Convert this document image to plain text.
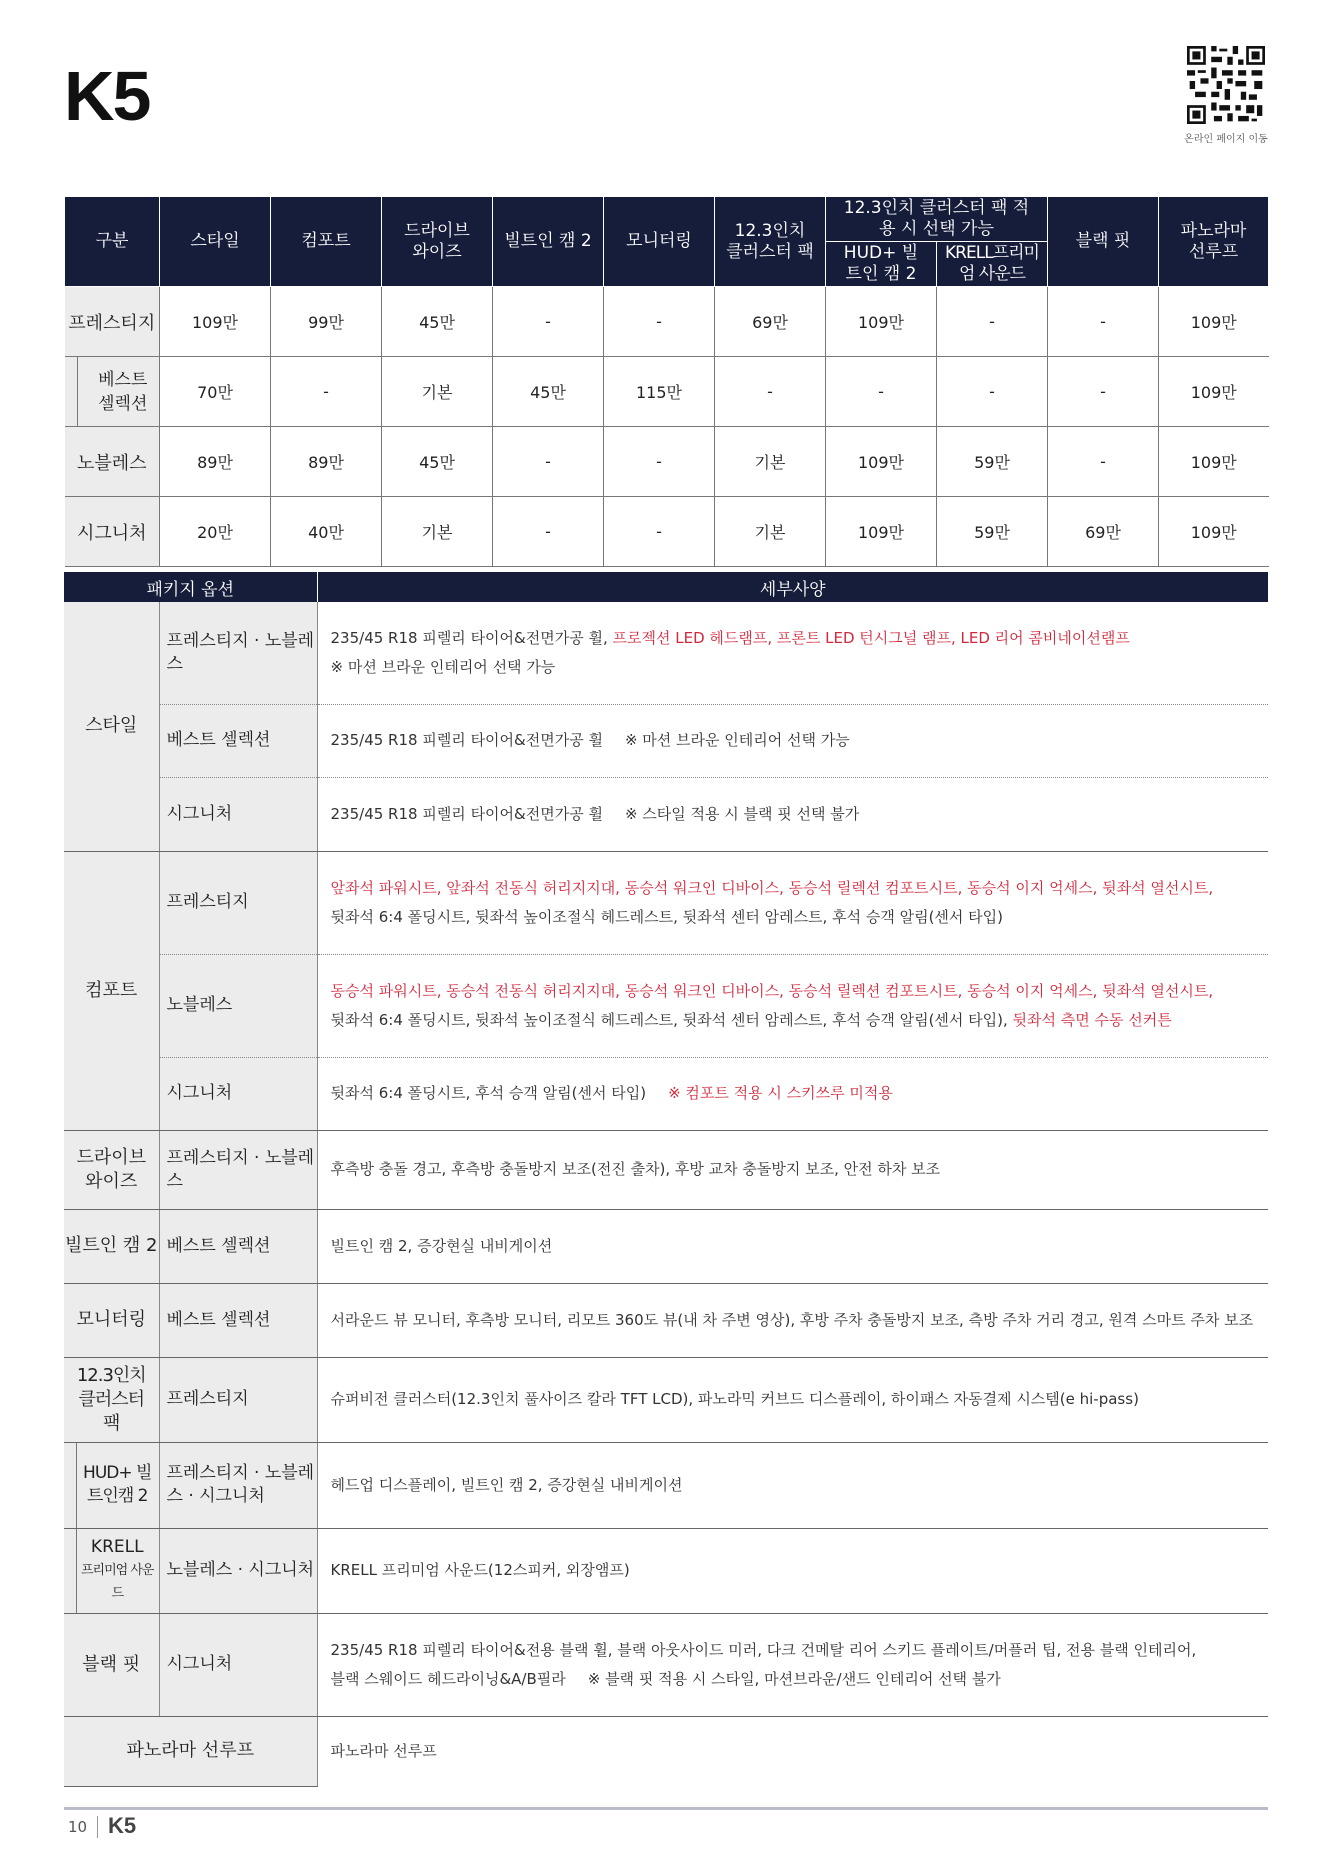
K5
온라인 페이지 이동
구분	스타일	컴포트	드라이브 와이즈	빌트인 캠 2	모니터링	12.3인치 클러스터 팩	12.3인치 클러스터 팩 적용 시 선택 가능		블랙 핏	파노라마 선루프

							HUD+ 빌트인 캠 2	KRELL프리미엄 사운드		

프레스티지	109만	99만	45만	-	-	69만	109만	-	-	109만

베스트 셀렉션	70만	-	기본	45만	115만	-	-	-	-	109만
노블레스	89만	89만	45만	-	-	기본	109만	59만	-	109만
시그니처	20만	40만	기본	-	-	기본	109만	59만	69만	109만
패키지 옵션		세부사양
스타일	프레스티지 · 노블레스	235/45 R18 피렐리 타이어&전면가공 휠, 프로젝션 LED 헤드램프, 프론트 LED 턴시그널 램프, LED 리어 콤비네이션램프
※ 마션 브라운 인테리어 선택 가능

	베스트 셀렉션	235/45 R18 피렐리 타이어&전면가공 휠 ※ 마션 브라운 인테리어 선택 가능
	시그니처	235/45 R18 피렐리 타이어&전면가공 휠 ※ 스타일 적용 시 블랙 핏 선택 불가
컴포트	프레스티지	앞좌석 파워시트, 앞좌석 전동식 허리지지대, 동승석 워크인 디바이스, 동승석 릴렉션 컴포트시트, 동승석 이지 억세스, 뒷좌석 열선시트,
뒷좌석 6:4 폴딩시트, 뒷좌석 높이조절식 헤드레스트, 뒷좌석 센터 암레스트, 후석 승객 알림(센서 타입)

	노블레스	동승석 파워시트, 동승석 전동식 허리지지대, 동승석 워크인 디바이스, 동승석 릴렉션 컴포트시트, 동승석 이지 억세스, 뒷좌석 열선시트,
뒷좌석 6:4 폴딩시트, 뒷좌석 높이조절식 헤드레스트, 뒷좌석 센터 암레스트, 후석 승객 알림(센서 타입), 뒷좌석 측면 수동 선커튼

	시그니처	뒷좌석 6:4 폴딩시트, 후석 승객 알림(센서 타입) ※ 컴포트 적용 시 스키쓰루 미적용

드라이브 와이즈	프레스티지 · 노블레스	후측방 충돌 경고, 후측방 충돌방지 보조(전진 출차), 후방 교차 충돌방지 보조, 안전 하차 보조
빌트인 캠 2	베스트 셀렉션	빌트인 캠 2, 증강현실 내비게이션
모니터링	베스트 셀렉션	서라운드 뷰 모니터, 후측방 모니터, 리모트 360도 뷰(내 차 주변 영상), 후방 주차 충돌방지 보조, 측방 주차 거리 경고, 원격 스마트 주차 보조

12.3인치 클러스터 팩	프레스티지	슈퍼비전 클러스터(12.3인치 풀사이즈 칼라 TFT LCD), 파노라믹 커브드 디스플레이, 하이패스 자동결제 시스템(e hi-pass)

HUD+ 빌트인캠 2	프레스티지 · 노블레스 · 시그니처	헤드업 디스플레이, 빌트인 캠 2, 증강현실 내비게이션

KRELL
프리미엄 사운드	노블레스 · 시그니처	KRELL 프리미엄 사운드(12스피커, 외장앰프)
블랙 핏	시그니처	235/45 R18 피렐리 타이어&전용 블랙 휠, 블랙 아웃사이드 미러, 다크 건메탈 리어 스키드 플레이트/머플러 팁, 전용 블랙 인테리어,
블랙 스웨이드 헤드라이닝&A/B필라 ※ 블랙 핏 적용 시 스타일, 마션브라운/샌드 인테리어 선택 불가

파노라마 선루프		파노라마 선루프
10 K5
